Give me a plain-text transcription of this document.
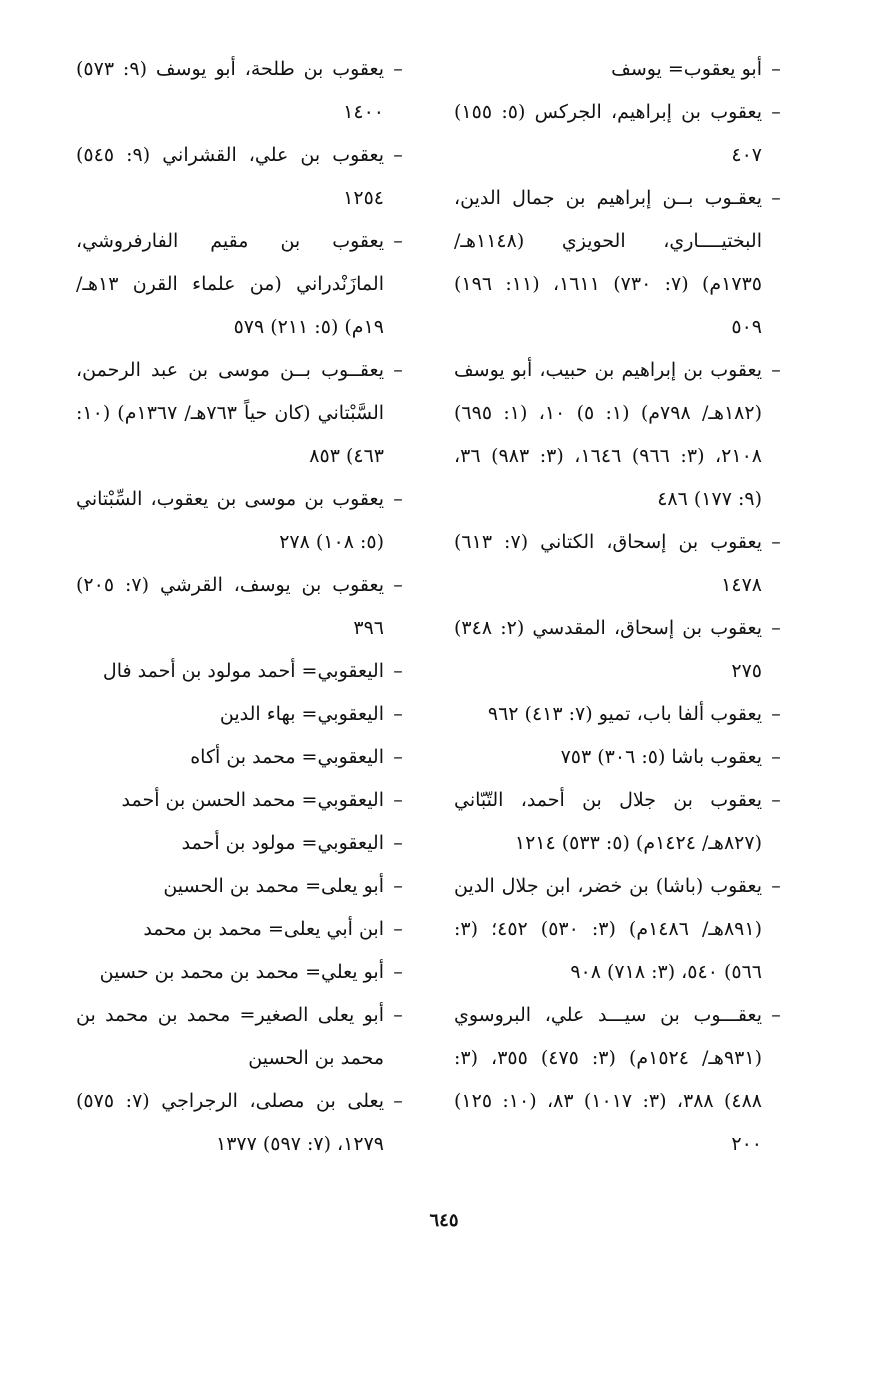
–
أبو يعقوب= يوسف
–
يعقوب بن إبراهيم، الجركس (٥: ١٥٥) ٤٠٧
–
يعقـوب بــن إبراهيم بن جمال الدين، البختيــــاري، الحويزي (١١٤٨هـ/ ١٧٣٥م) (٧: ٧٣٠) ١٦١١، (١١: ١٩٦) ٥٠٩
–
يعقوب بن إبراهيم بن حبيب، أبو يوسف (١٨٢هـ/ ٧٩٨م) (١: ٥) ١٠، (١: ٦٩٥) ٢١٠٨، (٣: ٩٦٦) ١٦٤٦، (٣: ٩٨٣) ٣٦، (٩: ١٧٧) ٤٨٦
–
يعقوب بن إسحاق، الكتاني (٧: ٦١٣) ١٤٧٨
–
يعقوب بن إسحاق، المقدسي (٢: ٣٤٨) ٢٧٥
–
يعقوب ألفا باب، تميو (٧: ٤١٣) ٩٦٢
–
يعقوب باشا (٥: ٣٠٦) ٧٥٣
–
يعقوب بن جلال بن أحمد، التّبّاني (٨٢٧هـ/ ١٤٢٤م) (٥: ٥٣٣) ١٢١٤
–
يعقوب (باشا) بن خضر، ابن جلال الدين (٨٩١هـ/ ١٤٨٦م) (٣: ٥٣٠) ٤٥٢؛ (٣: ٥٦٦) ٥٤٠، (٣: ٧١٨) ٩٠٨
–
يعقـــوب بن سيـــد علي، البروسوي (٩٣١هـ/ ١٥٢٤م) (٣: ٤٧٥) ٣٥٥، (٣: ٤٨٨) ٣٨٨، (٣: ١٠١٧) ٨٣، (١٠: ١٢٥) ٢٠٠
–
يعقوب بن طلحة، أبو يوسف (٩: ٥٧٣) ١٤٠٠
–
يعقوب بن علي، القشراني (٩: ٥٤٥) ١٢٥٤
–
يعقوب بن مقيم الفارفروشي، المازَنْدراني (من علماء القرن ١٣هـ/ ١٩م) (٥: ٢١١) ٥٧٩
–
يعقــوب بــن موسى بن عبد الرحمن، السَّبْتاني (كان حياً ٧٦٣هـ/ ١٣٦٧م) (١٠: ٤٦٣) ٨٥٣
–
يعقوب بن موسى بن يعقوب، السِّبْتاني (٥: ١٠٨) ٢٧٨
–
يعقوب بن يوسف، القرشي (٧: ٢٠٥) ٣٩٦
–
اليعقوبي= أحمد مولود بن أحمد فال
–
اليعقوبي= بهاء الدين
–
اليعقوبي= محمد بن أكاه
–
اليعقوبي= محمد الحسن بن أحمد
–
اليعقوبي= مولود بن أحمد
–
أبو يعلى= محمد بن الحسين
–
ابن أبي يعلى= محمد بن محمد
–
أبو يعلي= محمد بن محمد بن حسين
–
أبو يعلى الصغير= محمد بن محمد بن محمد بن الحسين
–
يعلى بن مصلى، الرجراجي (٧: ٥٧٥) ١٢٧٩، (٧: ٥٩٧) ١٣٧٧
٦٤٥
